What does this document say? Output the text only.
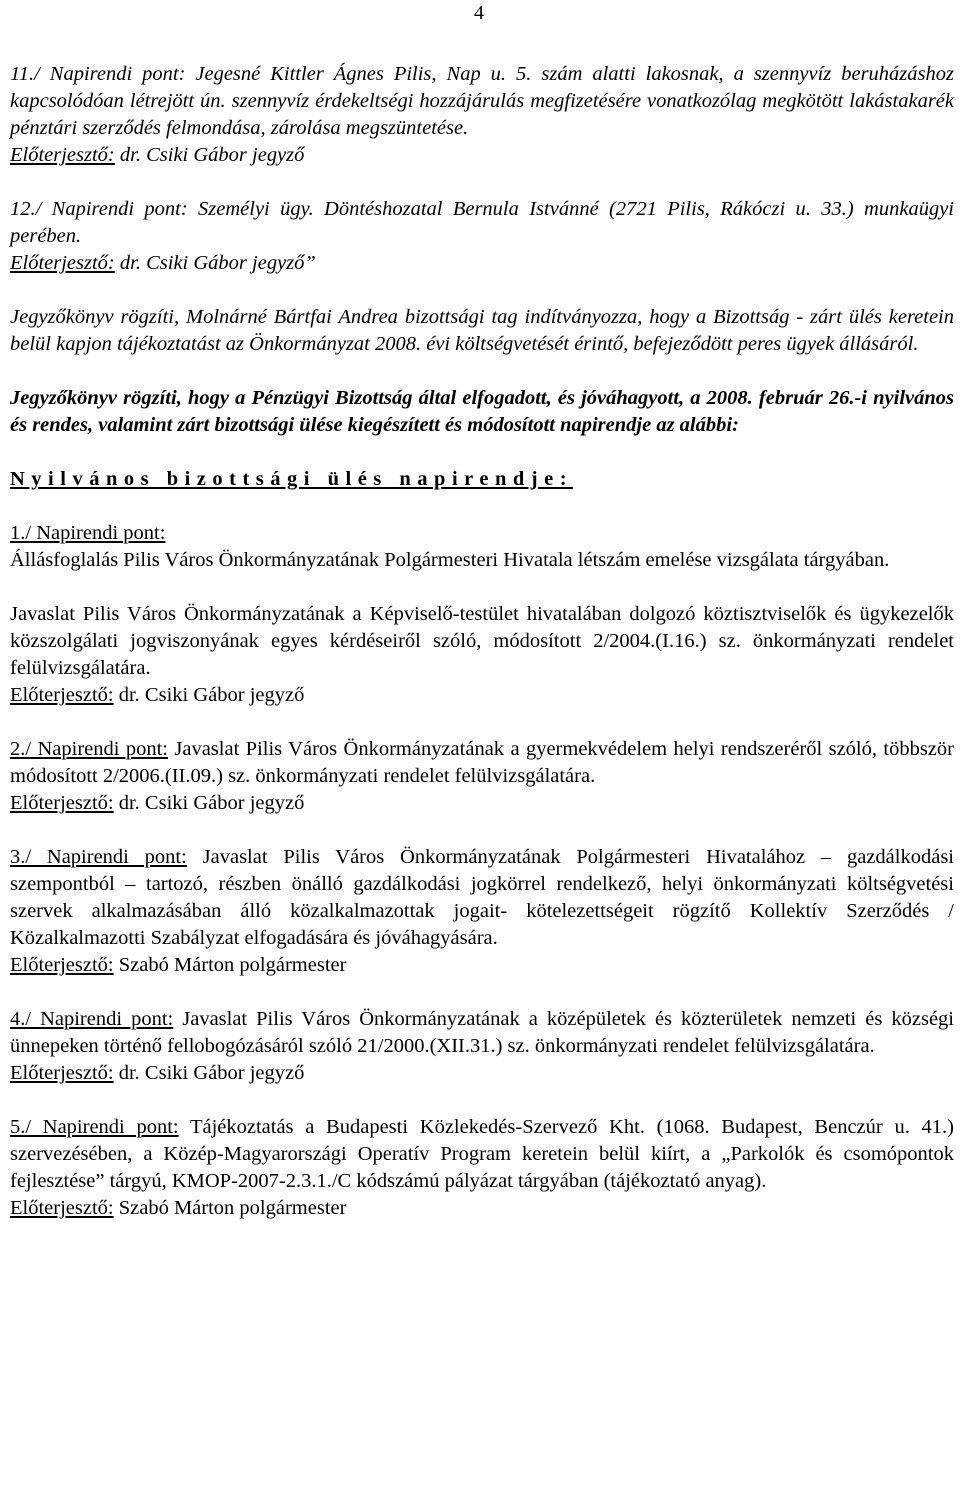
4

11./ Napirendi pont: Jegesné Kittler Ágnes Pilis, Nap u. 5. szám alatti lakosnak, a szennyvíz beruházáshoz kapcsolódóan létrejött ún. szennyvíz érdekeltségi hozzájárulás megfizetésére vonatkozólag megkötött lakástakarék pénztári szerződés felmondása, zárolása megszüntetése.

Előterjesztő: dr. Csiki Gábor jegyző

12./ Napirendi pont: Személyi ügy. Döntéshozatal Bernula Istvánné (2721 Pilis, Rákóczi u. 33.) munkaügyi perében.

Előterjesztő: dr. Csiki Gábor jegyző”

Jegyzőkönyv rögzíti, Molnárné Bártfai Andrea bizottsági tag indítványozza, hogy a Bizottság - zárt ülés keretein belül kapjon tájékoztatást az Önkormányzat 2008. évi költségvetését érintő, befejeződött peres ügyek állásáról.

Jegyzőkönyv rögzíti, hogy a Pénzügyi Bizottság által elfogadott, és jóváhagyott, a 2008. február 26.-i nyilvános és rendes, valamint zárt bizottsági ülése kiegészített és módosított napirendje az alábbi:

Nyilvános bizottsági ülés napirendje:

1./ Napirendi pont:

Állásfoglalás Pilis Város Önkormányzatának Polgármesteri Hivatala létszám emelése vizsgálata tárgyában.

Javaslat Pilis Város Önkormányzatának a Képviselő-testület hivatalában dolgozó köztisztviselők és ügykezelők közszolgálati jogviszonyának egyes kérdéseiről szóló, módosított 2/2004.(I.16.) sz. önkormányzati rendelet felülvizsgálatára.

Előterjesztő: dr. Csiki Gábor jegyző

2./ Napirendi pont: Javaslat Pilis Város Önkormányzatának a gyermekvédelem helyi rendszeréről szóló, többször módosított 2/2006.(II.09.) sz. önkormányzati rendelet felülvizsgálatára.

Előterjesztő: dr. Csiki Gábor jegyző

3./ Napirendi pont: Javaslat Pilis Város Önkormányzatának Polgármesteri Hivatalához – gazdálkodási szempontból – tartozó, részben önálló gazdálkodási jogkörrel rendelkező, helyi önkormányzati költségvetési szervek alkalmazásában álló közalkalmazottak jogait- kötelezettségeit rögzítő Kollektív Szerződés / Közalkalmazotti Szabályzat elfogadására és jóváhagyására.

Előterjesztő: Szabó Márton polgármester

4./ Napirendi pont: Javaslat Pilis Város Önkormányzatának a középületek és közterületek nemzeti és községi ünnepeken történő fellobogózásáról szóló 21/2000.(XII.31.) sz. önkormányzati rendelet felülvizsgálatára.

Előterjesztő: dr. Csiki Gábor jegyző

5./ Napirendi pont: Tájékoztatás a Budapesti Közlekedés-Szervező Kht. (1068. Budapest, Benczúr u. 41.) szervezésében, a Közép-Magyarországi Operatív Program keretein belül kiírt, a „Parkolók és csomópontok fejlesztése” tárgyú, KMOP-2007-2.3.1./C kódszámú pályázat tárgyában (tájékoztató anyag).

Előterjesztő: Szabó Márton polgármester
